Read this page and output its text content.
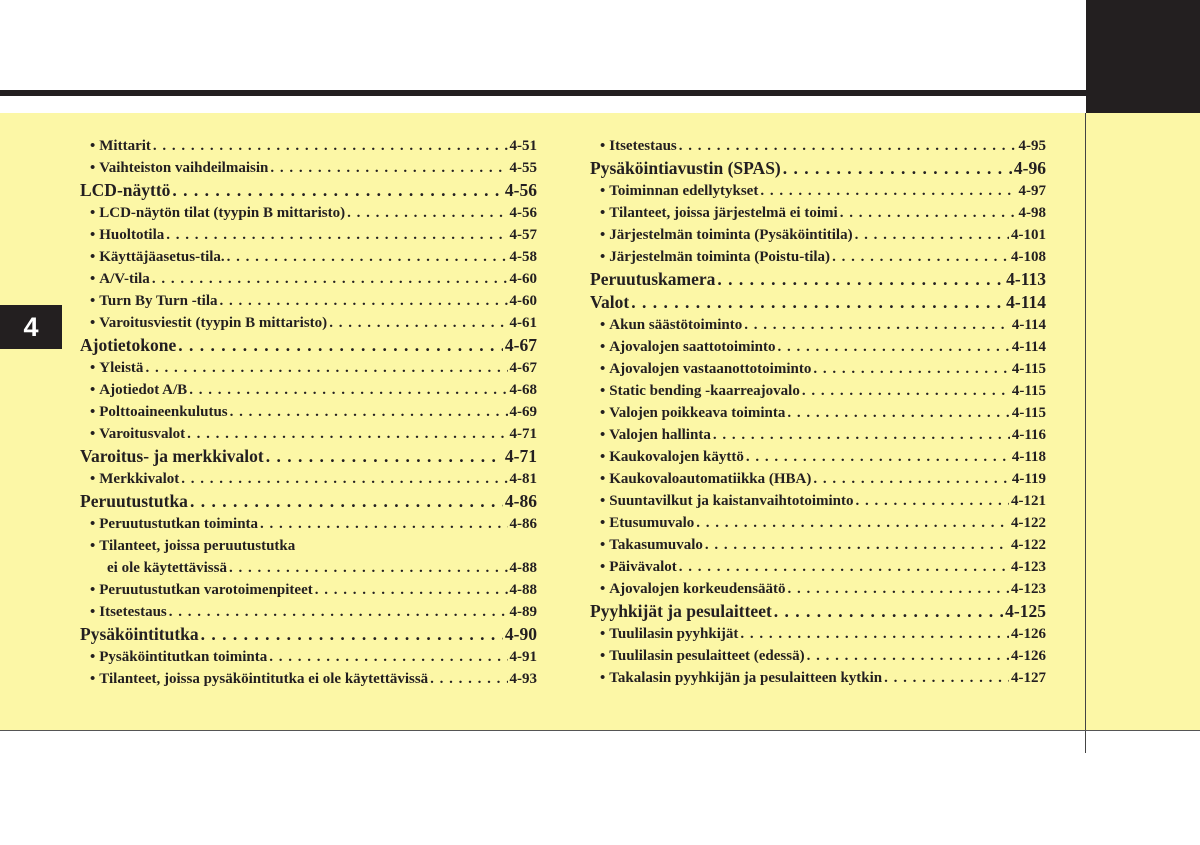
4
• Mittarit . . .	4-51
• Vaihteiston vaihdeilmaisin . . .	4-55
LCD-näyttö . . .	4-56
• LCD-näytön tilat (tyypin B mittaristo) . . .	4-56
• Huoltotila . . .	4-57
• Käyttäjäasetus-tila. . . .	4-58
• A/V-tila . . .	4-60
• Turn By Turn -tila . . .	4-60
• Varoitusviestit (tyypin B mittaristo) . . .	4-61
Ajotietokone . . .	4-67
• Yleistä . . .	4-67
• Ajotiedot A/B . . .	4-68
• Polttoaineenkulutus . . .	4-69
• Varoitusvalot . . .	4-71
Varoitus- ja merkkivalot . . .	4-71
• Merkkivalot . . .	4-81
Peruutustutka . . .	4-86
• Peruutustutkan toiminta . . .	4-86
• Tilanteet, joissa peruutustutka
ei ole käytettävissä . . .	4-88
• Peruutustutkan varotoimenpiteet . . .	4-88
• Itsetestaus . . .	4-89
Pysäköintitutka . . .	4-90
• Pysäköintitutkan toiminta . . .	4-91
• Tilanteet, joissa pysäköintitutka ei ole käytettävissä . . .	4-93
• Itsetestaus . . .	4-95
Pysäköintiavustin (SPAS) . . .	4-96
• Toiminnan edellytykset . . .	4-97
• Tilanteet, joissa järjestelmä ei toimi . . .	4-98
• Järjestelmän toiminta (Pysäköintitila) . . .	4-101
• Järjestelmän toiminta (Poistu-tila) . . .	4-108
Peruutuskamera . . .	4-113
Valot . . .	4-114
• Akun säästötoiminto . . .	4-114
• Ajovalojen saattotoiminto . . .	4-114
• Ajovalojen vastaanottotoiminto . . .	4-115
• Static bending -kaarreajovalo . . .	4-115
• Valojen poikkeava toiminta . . .	4-115
• Valojen hallinta . . .	4-116
• Kaukovalojen käyttö . . .	4-118
• Kaukovaloautomatiikka (HBA) . . .	4-119
• Suuntavilkut ja kaistanvaihtotoiminto . . .	4-121
• Etusumuvalo . . .	4-122
• Takasumuvalo . . .	4-122
• Päivävalot . . .	4-123
• Ajovalojen korkeudensäätö . . .	4-123
Pyyhkijät ja pesulaitteet . . .	4-125
• Tuulilasin pyyhkijät . . .	4-126
• Tuulilasin pesulaitteet (edessä) . . .	4-126
• Takalasin pyyhkijän ja pesulaitteen kytkin . . .	4-127
